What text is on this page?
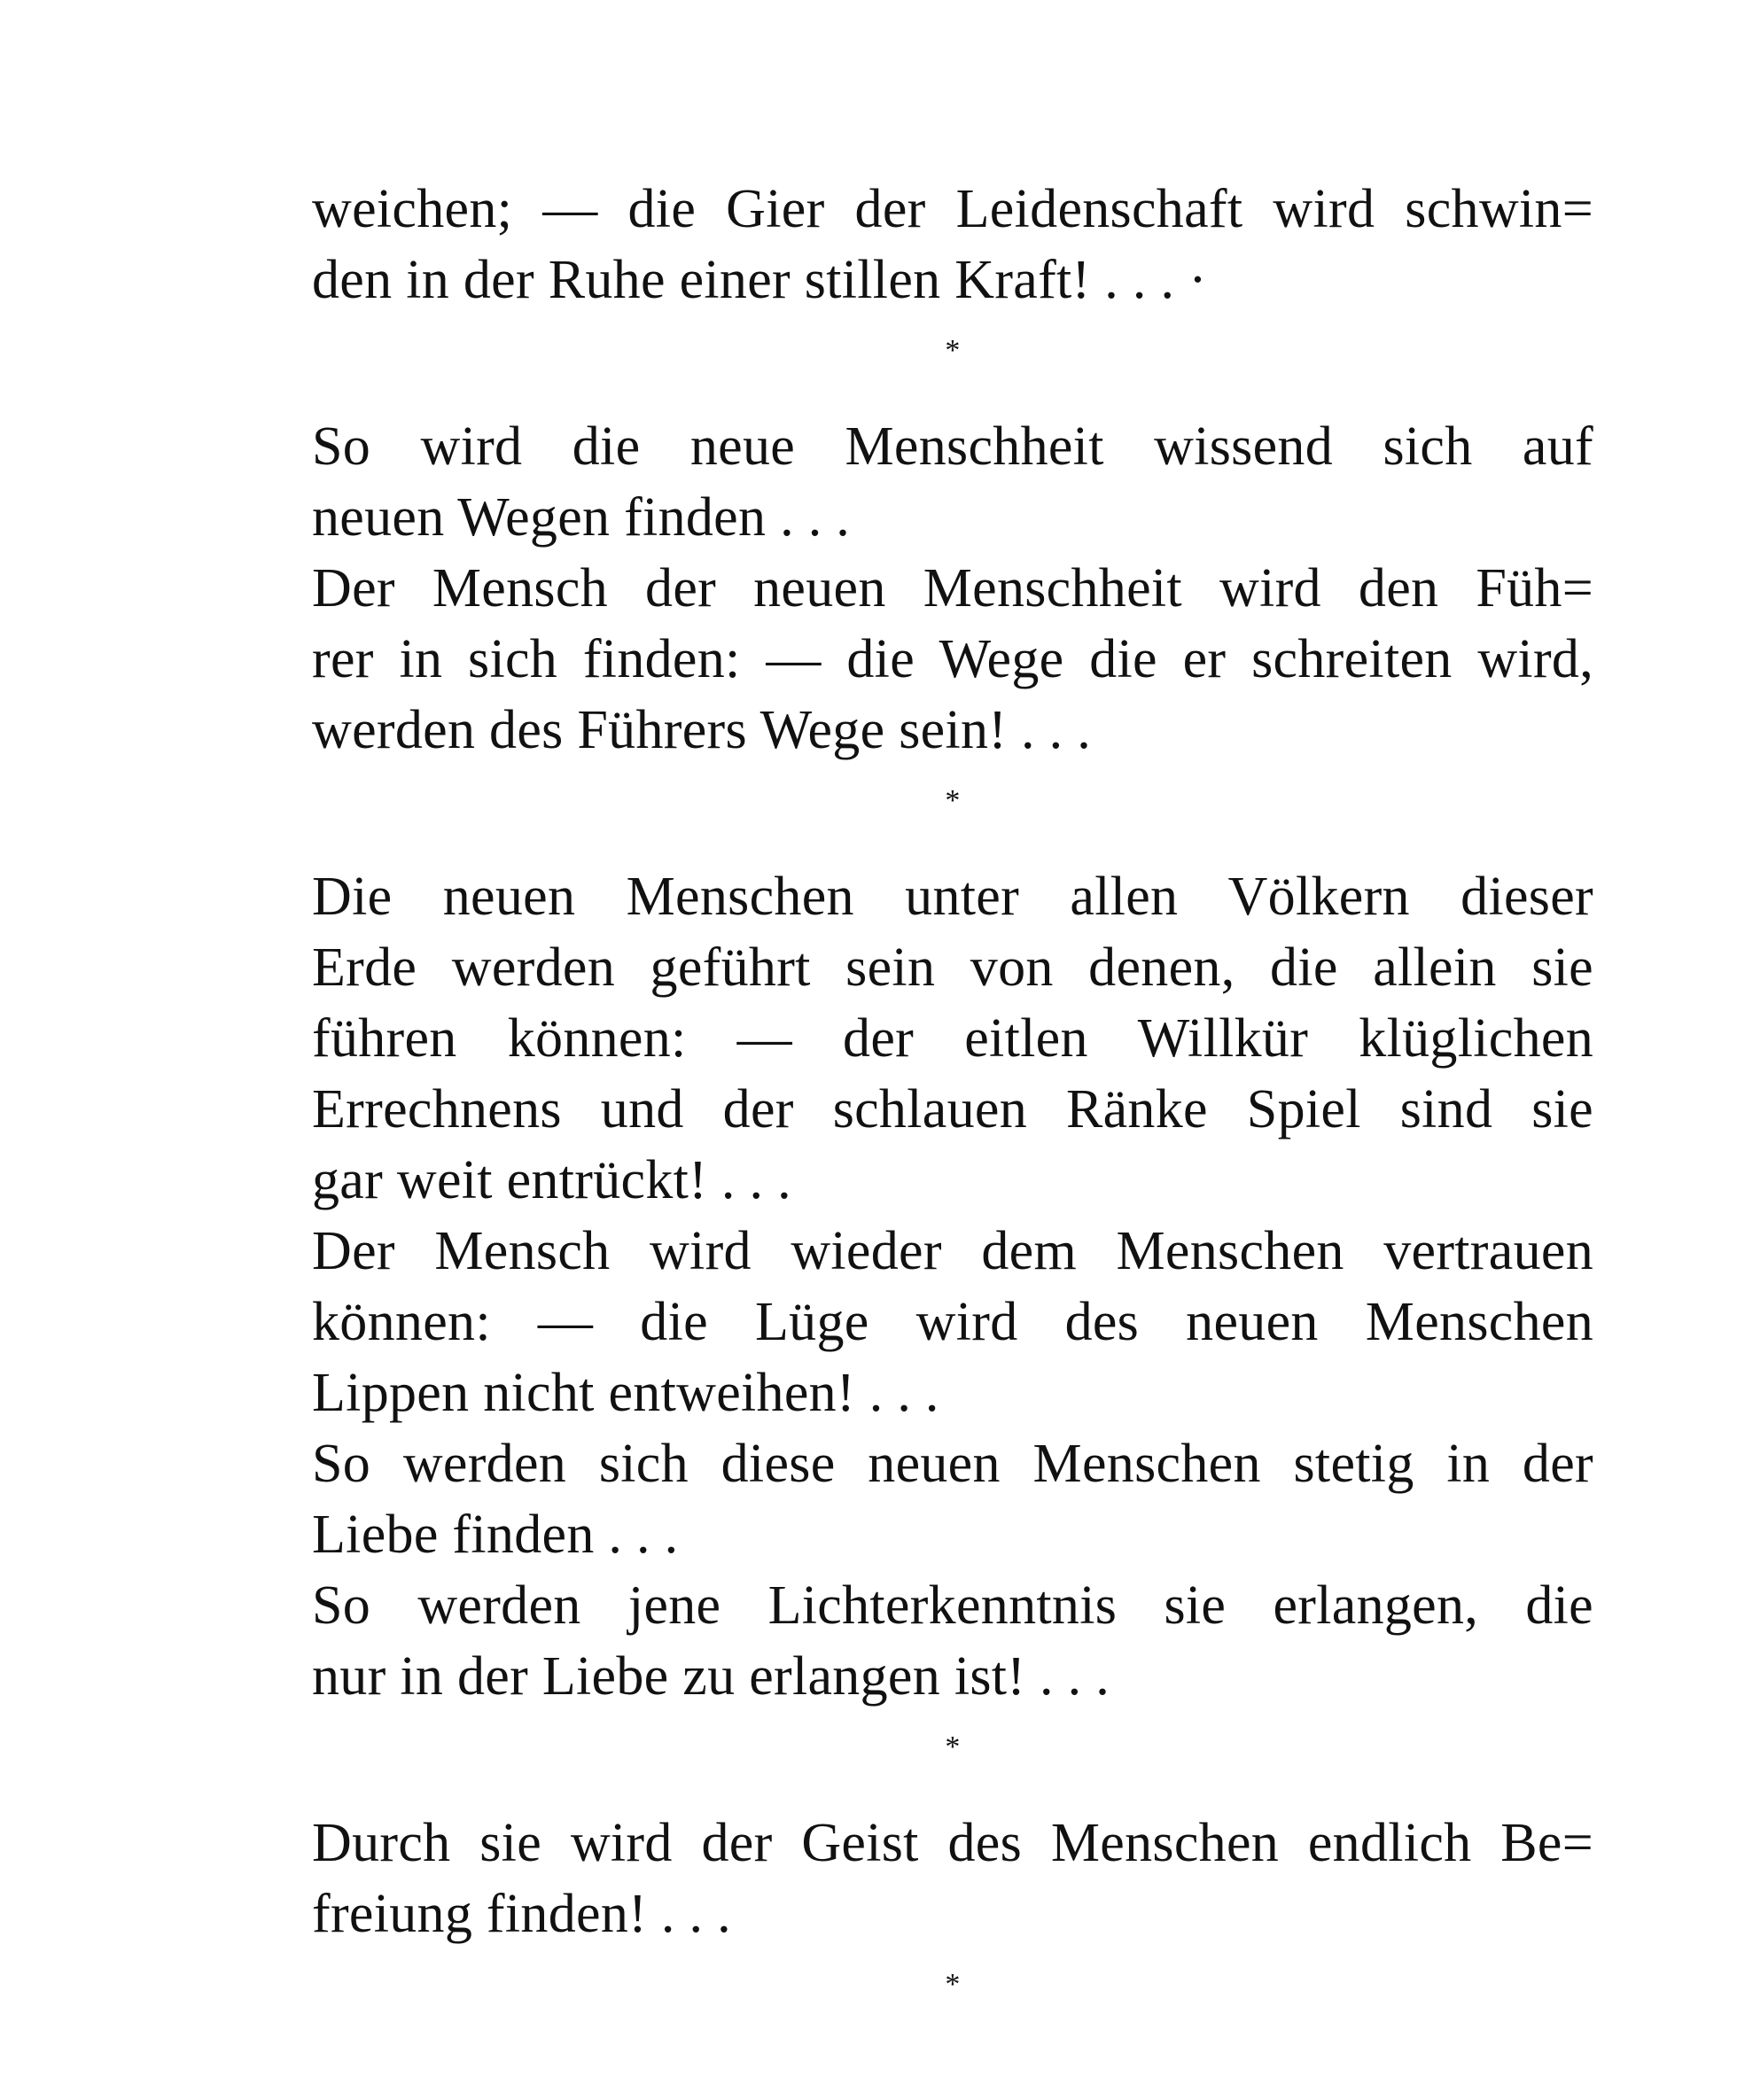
weichen; — die Gier der Leidenschaft wird schwin=
den in der Ruhe einer stillen Kraft! . . . ·
*
So wird die neue Menschheit wissend sich auf
neuen Wegen finden . . .
Der Mensch der neuen Menschheit wird den Füh=
rer in sich finden: — die Wege die er schreiten wird,
werden des Führers Wege sein! . . .
*
Die neuen Menschen unter allen Völkern dieser
Erde werden geführt sein von denen, die allein sie
führen können: — der eitlen Willkür klüglichen
Errechnens und der schlauen Ränke Spiel sind sie
gar weit entrückt! . . .
Der Mensch wird wieder dem Menschen vertrauen
können: — die Lüge wird des neuen Menschen
Lippen nicht entweihen! . . .
So werden sich diese neuen Menschen stetig in der
Liebe finden . . .
So werden jene Lichterkenntnis sie erlangen, die
nur in der Liebe zu erlangen ist! . . .
*
Durch sie wird der Geist des Menschen endlich Be=
freiung finden! . . .
*
